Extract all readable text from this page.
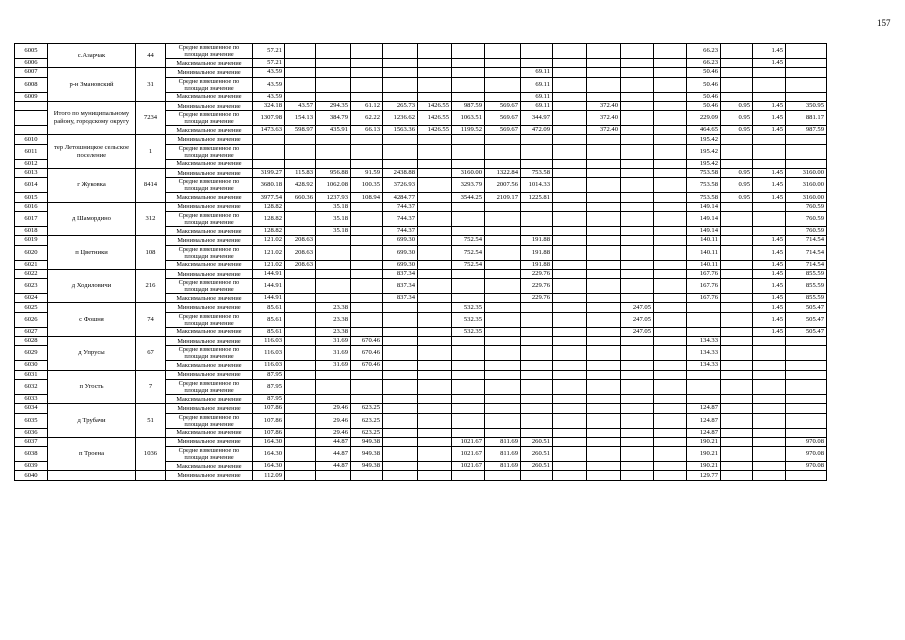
157
6005	с.Азарчак	44	Средне взвешенное по площади значение	57.21													66.23		1.45	
6006			Максимальное значение	57.21													66.23		1.45	
6007	р-н Змановский	31	Минимальное значение	43.59								69.11					50.46			
6008			Средне взвешенное по площади значение	43.59								69.11					50.46			
6009			Максимальное значение	43.59								69.11					50.46			
	Итого по муниципальному району, городскому округу	7234	Минимальное значение	324.18	43.57	294.35	61.12	265.73	1426.55	987.59	569.67	69.11		372.40			50.46	0.95	1.45	350.95
			Средне взвешенное по площади значение	1307.98	154.13	384.79	62.22	1236.62	1426.55	1063.51	569.67	344.97		372.40			229.09	0.95	1.45	881.17
			Максимальное значение	1473.63	598.97	435.91	66.13	1563.36	1426.55	1199.52	569.67	472.09		372.40			464.65	0.95	1.45	987.59
6010	тер Летошницкое сельское поселение	1	Минимальное значение														195.42			
6011			Средне взвешенное по площади значение														195.42			
6012			Максимальное значение														195.42			
6013	г Жуковка	8414	Минимальное значение	3199.27	115.83	956.88	91.59	2438.88		3160.00	1322.84	753.58					753.58	0.95	1.45	3160.00
6014			Средне взвешенное по площади значение	3680.18	428.92	1062.08	100.35	3726.93		3293.79	2007.56	1014.33					753.58	0.95	1.45	3160.00
6015			Максимальное значение	3977.54	660.36	1237.93	108.94	4284.77		3544.25	2109.17	1225.81					753.58	0.95	1.45	3160.00
6016	д Шамордино	312	Минимальное значение	128.82		35.18		744.37									149.14			760.59
6017			Средне взвешенное по площади значение	128.82		35.18		744.37									149.14			760.59
6018			Максимальное значение	128.82		35.18		744.37									149.14			760.59
6019	п Цветники	108	Минимальное значение	121.02	208.63			699.30		752.54		191.88					140.11		1.45	714.54
6020			Средне взвешенное по площади значение	121.02	208.63			699.30		752.54		191.88					140.11		1.45	714.54
6021			Максимальное значение	121.02	208.63			699.30		752.54		191.88					140.11		1.45	714.54
6022	д Ходиловичи	216	Минимальное значение	144.91				837.34				229.76					167.76		1.45	855.59
6023			Средне взвешенное по площади значение	144.91				837.34				229.76					167.76		1.45	855.59
6024			Максимальное значение	144.91				837.34				229.76					167.76		1.45	855.59
6025	с Фошня	74	Минимальное значение	85.61		23.38				532.35					247.05				1.45	505.47
6026			Средне взвешенное по площади значение	85.61		23.38				532.35					247.05				1.45	505.47
6027			Максимальное значение	85.61		23.38				532.35					247.05				1.45	505.47
6028	д Упрусы	67	Минимальное значение	116.03		31.69	670.46										134.33			
6029			Средне взвешенное по площади значение	116.03		31.69	670.46										134.33			
6030			Максимальное значение	116.03		31.69	670.46										134.33			
6031	п Угость	7	Минимальное значение	87.95																
6032			Средне взвешенное по площади значение	87.95																
6033			Максимальное значение	87.95																
6034	д Трубачи	51	Минимальное значение	107.86		29.46	623.25										124.87			
6035			Средне взвешенное по площади значение	107.86		29.46	623.25										124.87			
6036			Максимальное значение	107.86		29.46	623.25										124.87			
6037	п Троена	1036	Минимальное значение	164.30		44.87	949.38			1021.67	811.69	260.51					190.21			970.08
6038			Средне взвешенное по площади значение	164.30		44.87	949.38			1021.67	811.69	260.51					190.21			970.08
6039			Максимальное значение	164.30		44.87	949.38			1021.67	811.69	260.51					190.21			970.08
6040			Минимальное значение	112.09													129.77			
